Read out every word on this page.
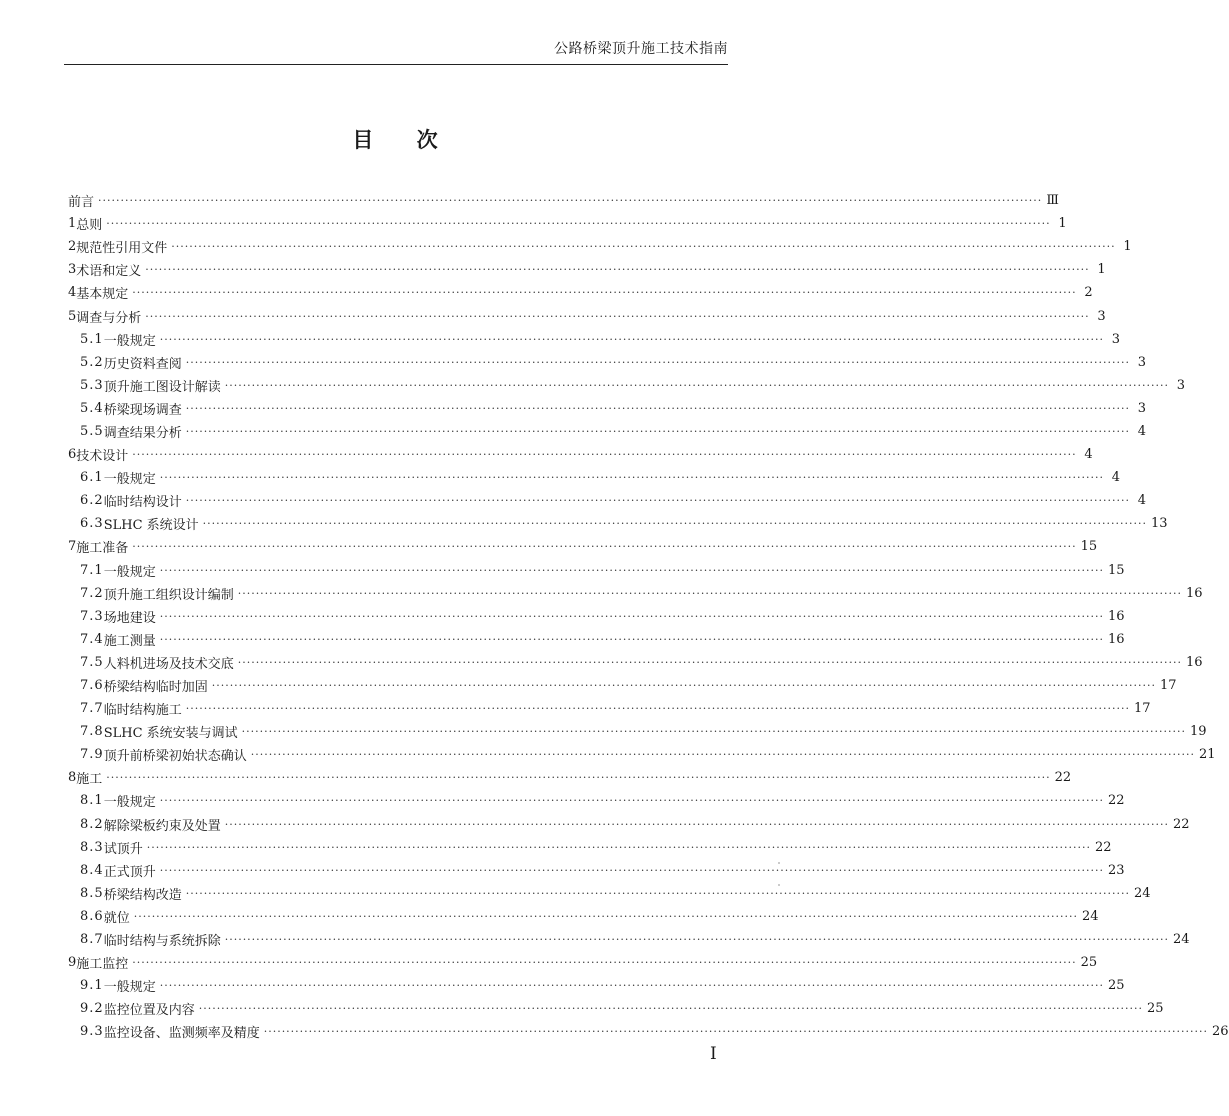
公路桥梁顶升施工技术指南
目 次
前言 ·····	Ⅲ
1 总则 ·····	1
2 规范性引用文件 ·····	1
3 术语和定义 ·····	1
4 基本规定 ·····	2
5 调查与分析 ·····	3
5.1 一般规定 ·····	3
5.2 历史资料查阅 ·····	3
5.3 顶升施工图设计解读 ·····	3
5.4 桥梁现场调查 ·····	3
5.5 调查结果分析 ·····	4
6 技术设计 ·····	4
6.1 一般规定 ·····	4
6.2 临时结构设计 ·····	4
6.3 SLHC 系统设计 ·····	13
7 施工准备 ·····	15
7.1 一般规定 ·····	15
7.2 顶升施工组织设计编制 ·····	16
7.3 场地建设 ·····	16
7.4 施工测量 ·····	16
7.5 人料机进场及技术交底 ·····	16
7.6 桥梁结构临时加固 ·····	17
7.7 临时结构施工 ·····	17
7.8 SLHC 系统安装与调试 ·····	19
7.9 顶升前桥梁初始状态确认 ·····	21
8 施工 ·····	22
8.1 一般规定 ·····	22
8.2 解除梁板约束及处置 ·····	22
8.3 试顶升 ·····	22
8.4 正式顶升 ·····	23
8.5 桥梁结构改造 ·····	24
8.6 就位 ·····	24
8.7 临时结构与系统拆除 ·····	24
9 施工监控 ·····	25
9.1 一般规定 ·····	25
9.2 监控位置及内容 ·····	25
9.3 监控设备、监测频率及精度 ·····	26
I
